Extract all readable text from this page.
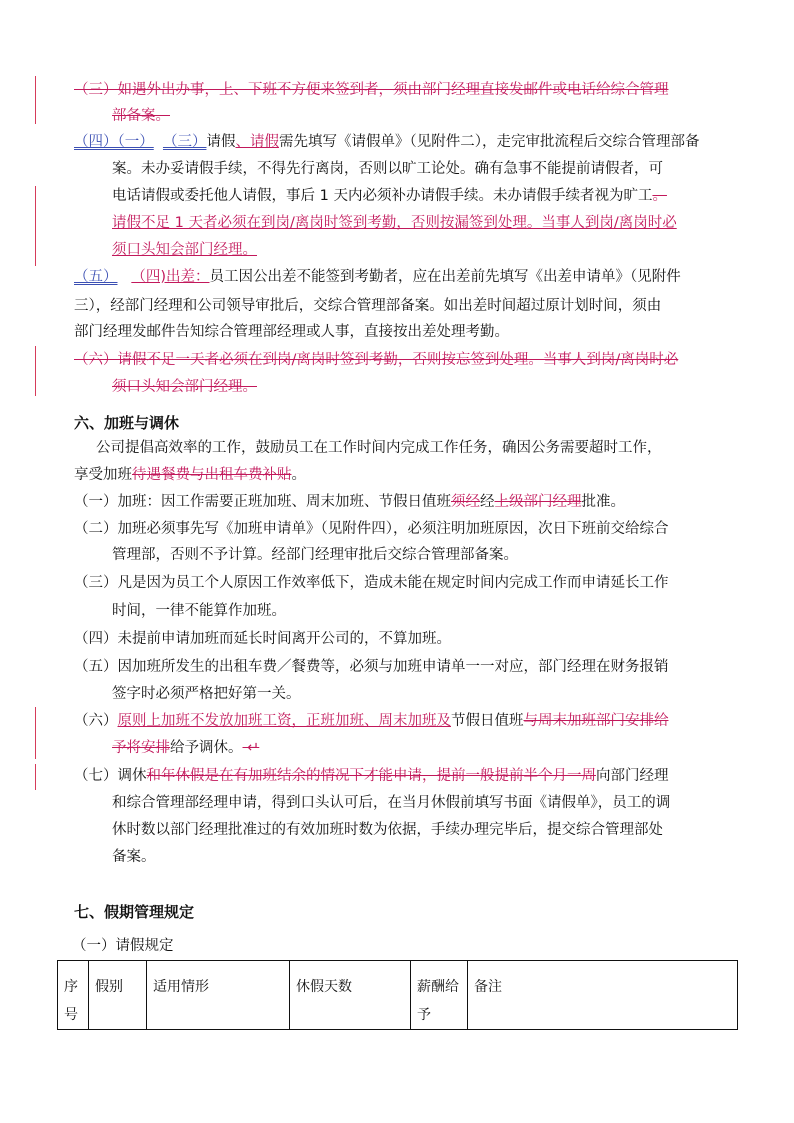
（三）如遇外出办事，上、下班不方便来签到者，须由部门经理直接发邮件或电话给综合管理
部备案。
（四）（一） （三）请假、请假需先填写《请假单》（见附件二），走完审批流程后交综合管理部备
案。未办妥请假手续，不得先行离岗，否则以旷工论处。确有急事不能提前请假者，可
电话请假或委托他人请假，事后 1 天内必须补办请假手续。未办请假手续者视为旷工。
请假不足 1 天者必须在到岗/离岗时签到考勤，否则按漏签到处理。当事人到岗/离岗时必
须口头知会部门经理。
（五） （四)出差：员工因公出差不能签到考勤者，应在出差前先填写《出差申请单》（见附件
三），经部门经理和公司领导审批后，交综合管理部备案。如出差时间超过原计划时间，须由
部门经理发邮件告知综合管理部经理或人事，直接按出差处理考勤。
（六）请假不足一天者必须在到岗/离岗时签到考勤，否则按忘签到处理。当事人到岗/离岗时必
须口头知会部门经理。
六、加班与调休
公司提倡高效率的工作，鼓励员工在工作时间内完成工作任务，确因公务需要超时工作，
享受加班待遇餐费与出租车费补贴。
（一）加班：因工作需要正班加班、周末加班、节假日值班须经经上级部门经理批准。
（二）加班必须事先写《加班申请单》（见附件四），必须注明加班原因，次日下班前交给综合
管理部，否则不予计算。经部门经理审批后交综合管理部备案。
（三）凡是因为员工个人原因工作效率低下，造成未能在规定时间内完成工作而申请延长工作
时间，一律不能算作加班。
（四）未提前申请加班而延长时间离开公司的，不算加班。
（五）因加班所发生的出租车费／餐费等，必须与加班申请单一一对应，部门经理在财务报销
签字时必须严格把好第一关。
（六）原则上加班不发放加班工资，正班加班、周末加班及节假日值班与周末加班部门安排给
予将安排给予调休。 ↵
（七）调休和年休假是在有加班结余的情况下才能申请，提前一般提前半个月一周向部门经理
和综合管理部经理申请，得到口头认可后，在当月休假前填写书面《请假单》，员工的调
休时数以部门经理批准过的有效加班时数为依据，手续办理完毕后，提交综合管理部处
备案。
七、假期管理规定
（一）请假规定
序号	假别	适用情形	休假天数	薪酬给予	备注
